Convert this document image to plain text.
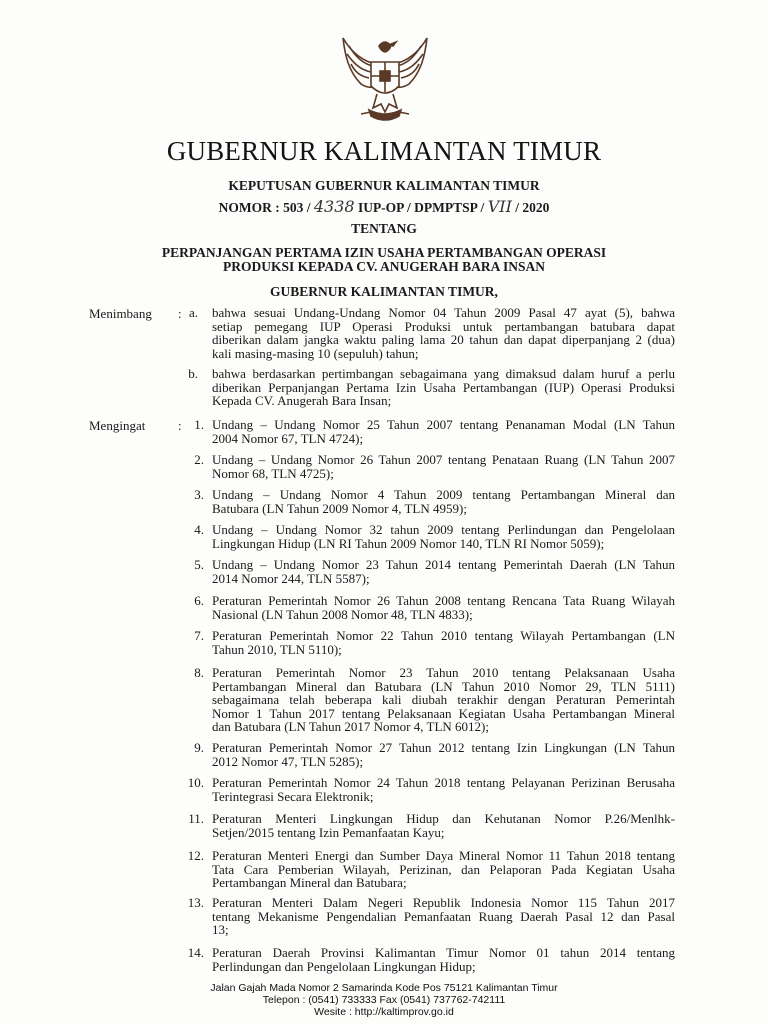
GUBERNUR KALIMANTAN TIMUR
KEPUTUSAN GUBERNUR KALIMANTAN TIMUR
NOMOR : 503 / 4338 IUP-OP / DPMPTSP / VII / 2020
TENTANG
PERPANJANGAN PERTAMA IZIN USAHA PERTAMBANGAN OPERASI
PRODUKSI KEPADA CV. ANUGERAH BARA INSAN
GUBERNUR KALIMANTAN TIMUR,
Menimbang :
Mengingat	:
a. bahwa sesuai Undang-Undang Nomor 04 Tahun 2009 Pasal 47 ayat (5), bahwa
setiap pemegang IUP Operasi Produksi untuk pertambangan batubara dapat
diberikan dalam jangka waktu paling lama 20 tahun dan dapat diperpanjang 2 (dua)
kali masing-masing 10 (sepuluh) tahun;
b. bahwa berdasarkan pertimbangan sebagaimana yang dimaksud dalam huruf a perlu
diberikan Perpanjangan Pertama Izin Usaha Pertambangan (IUP) Operasi Produksi
Kepada CV. Anugerah Bara Insan;
1. Undang – Undang Nomor 25 Tahun 2007 tentang Penanaman Modal (LN Tahun
2004 Nomor 67, TLN 4724);
2. Undang – Undang Nomor 26 Tahun 2007 tentang Penataan Ruang (LN Tahun 2007
Nomor 68, TLN 4725);
3. Undang – Undang Nomor 4 Tahun 2009 tentang Pertambangan Mineral dan
Batubara (LN Tahun 2009 Nomor 4, TLN 4959);
4. Undang – Undang Nomor 32 tahun 2009 tentang Perlindungan dan Pengelolaan
Lingkungan Hidup (LN RI Tahun 2009 Nomor 140, TLN RI Nomor 5059);
5. Undang – Undang Nomor 23 Tahun 2014 tentang Pemerintah Daerah (LN Tahun
2014 Nomor 244, TLN 5587);
6. Peraturan Pemerintah Nomor 26 Tahun 2008 tentang Rencana Tata Ruang Wilayah
Nasional (LN Tahun 2008 Nomor 48, TLN 4833);
7. Peraturan Pemerintah Nomor 22 Tahun 2010 tentang Wilayah Pertambangan (LN
Tahun 2010, TLN 5110);
8. Peraturan Pemerintah Nomor 23 Tahun 2010 tentang Pelaksanaan Usaha
Pertambangan Mineral dan Batubara (LN Tahun 2010 Nomor 29, TLN 5111)
sebagaimana telah beberapa kali diubah terakhir dengan Peraturan Pemerintah
Nomor 1 Tahun 2017 tentang Pelaksanaan Kegiatan Usaha Pertambangan Mineral
dan Batubara (LN Tahun 2017 Nomor 4, TLN 6012);
9. Peraturan Pemerintah Nomor 27 Tahun 2012 tentang Izin Lingkungan (LN Tahun
2012 Nomor 47, TLN 5285);
10. Peraturan Pemerintah Nomor 24 Tahun 2018 tentang Pelayanan Perizinan Berusaha
Terintegrasi Secara Elektronik;
11. Peraturan Menteri Lingkungan Hidup dan Kehutanan Nomor P.26/Menlhk-
Setjen/2015 tentang Izin Pemanfaatan Kayu;
12. Peraturan Menteri Energi dan Sumber Daya Mineral Nomor 11 Tahun 2018 tentang
Tata Cara Pemberian Wilayah, Perizinan, dan Pelaporan Pada Kegiatan Usaha
Pertambangan Mineral dan Batubara;
13. Peraturan Menteri Dalam Negeri Republik Indonesia Nomor 115 Tahun 2017
tentang Mekanisme Pengendalian Pemanfaatan Ruang Daerah Pasal 12 dan Pasal
13;
14. Peraturan Daerah Provinsi Kalimantan Timur Nomor 01 tahun 2014 tentang
Perlindungan dan Pengelolaan Lingkungan Hidup;
Jalan Gajah Mada Nomor 2 Samarinda Kode Pos 75121 Kalimantan Timur
Telepon : (0541) 733333 Fax (0541) 737762-742111
Wesite : http://kaltimprov.go.id
